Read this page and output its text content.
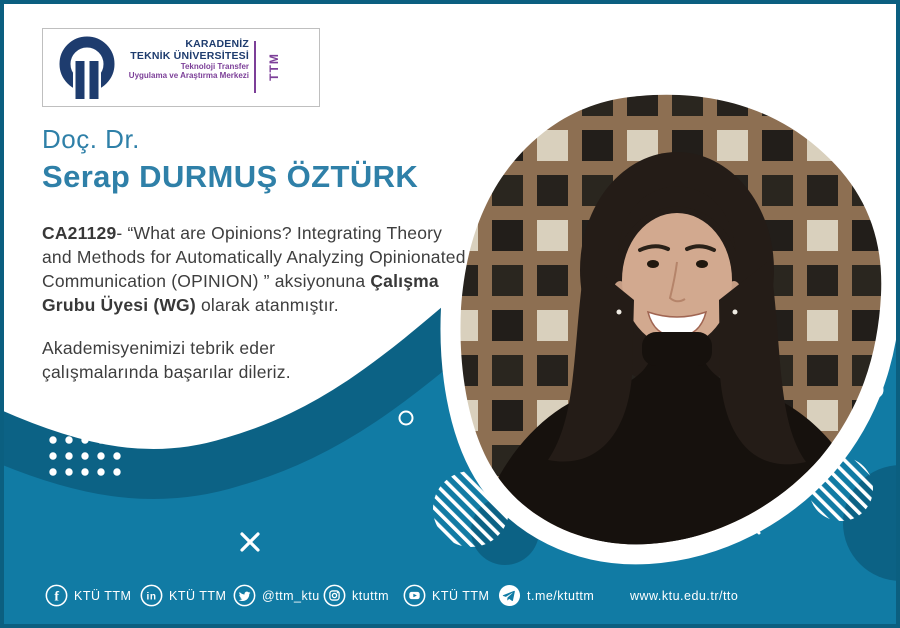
KARADENİZ
TEKNİK ÜNİVERSİTESİ
Teknoloji Transfer
Uygulama ve Araştırma Merkezi	TTM
Doç. Dr.
Serap DURMUŞ ÖZTÜRK

CA21129- “What are Opinions? Integrating Theory and Methods for Automatically Analyzing Opinionated Communication (OPINION) ” aksiyonuna Çalışma Grubu Üyesi (WG) olarak atanmıştır.

Akademisyenimizi tebrik eder
çalışmalarında başarılar dileriz.

f KTÜ TTM in KTÜ TTM	@ttm_ktu	ktuttm	KTÜ TTM	t.me/ktuttm	www.ktu.edu.tr/tto
